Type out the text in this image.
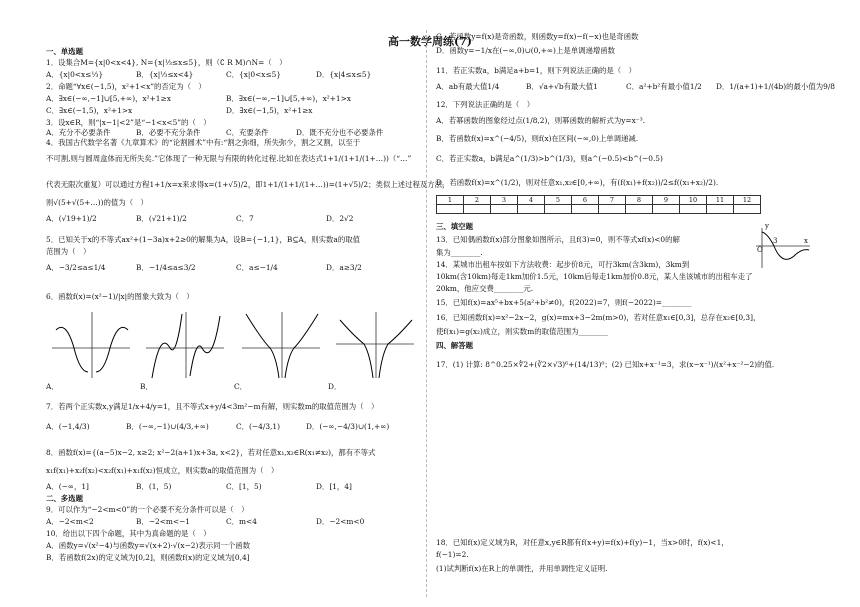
高一数学周练(7)
一、单选题
1．设集合M={x|0<x<4}, N={x|⅓≤x≤5}，则（∁ R M)∩N=（　）
A．{x|0<x≤⅓}	B．{x|⅓≤x<4}	C．{x|0<x≤5}	D．{x|4≤x≤5}
2．命题“∀x∈(−1,5)，x²+1<x”的否定为（　）
A．∃x∈(−∞,−1]∪[5,+∞)，x²+1≥x	B．∃x∈(−∞,−1]∪[5,+∞)，x²+1>x
C．∃x∈(−1,5)，x²+1>x	D．∃x∈(−1,5)，x²+1≥x
3．设x∈R，则“|x−1|<2”是“−1<x<5”的（　）
A．充分不必要条件	B．必要不充分条件	C．充要条件	D．既不充分也不必要条件
4．我国古代数学名著《九章算术》的“论割圆术”中有:“割之弥细，所失弥少，割之又割，以至于
不可割,则与圆周盒体而无所失矣.”它体现了一种无限与有限的转化过程.比如在表达式1+1/(1+1/(1+…))（“…”
代表无限次重复）可以通过方程1+1/x=x来求得x=(1+√5)/2，即1+1/(1+1/(1+…))=(1+√5)/2；类似上述过程及方法，
则√(5+√(5+…))的值为（　）
A．(√19+1)/2	B．(√21+1)/2	C．7	D．2√2
5．已知关于x的不等式ax²+(1−3a)x+2≥0的解集为A，设B={−1,1}，B⊆A，则实数a的取值
范围为（　）
A．−3/2≤a≤1/4	B．−1/4≤a≤3/2	C．a≤−1/4	D．a≥3/2
6．函数f(x)=(x²−1)/|x|的图象大致为（　）
A．	B．	C．	D．
7．若两个正实数x,y满足1/x+4/y=1，且不等式x+y/4<3m²−m有解，则实数m的取值范围为（　）
A．(−1,4/3)	B．(−∞,−1)∪(4/3,+∞)	C．(−4/3,1)	D．(−∞,−4/3)∪(1,+∞)
8．函数f(x)={(a−5)x−2, x≥2; x²−2(a+1)x+3a, x<2}，若对任意x₁,x₂∈R(x₁≠x₂)，都有不等式
x₁f(x₁)+x₂f(x₂)<x₂f(x₁)+x₁f(x₂)恒成立，则实数a的取值范围为（　）
A．(−∞，1]	B．(1，5)	C．[1，5)	D．[1，4]
二、多选题
9．可以作为“−2<m<0”的一个必要不充分条件可以是（　）
A．−2<m<2	B．−2<m<−1	C．m<4	D．−2<m<0
10．给出以下四个命题，其中为真命题的是（　）
A．函数y=√(x²−4)与函数y=√(x+2)·√(x−2)表示同一个函数
B．若函数f(2x)的定义域为[0,2]，则函数f(x)的定义域为[0,4]
C．若函数y=f(x)是奇函数，则函数y=f(x)−f(−x)也是奇函数
D．函数y=−1/x在(−∞,0)∪(0,+∞)上是单调递增函数
11．若正实数a，b满足a+b=1，则下列说法正确的是（　）
A．ab有最大值1/4	B．√a+√b有最大值1	C．a²+b²有最小值1/2 D．1/(a+1)+1/(4b)的最小值为9/8
12．下列说法正确的是（　）
A．若幂函数的图象经过点(1/8,2)，则幂函数的解析式为y=x⁻³.
B．若函数f(x)=x^(−4/5)，则f(x)在区间(−∞,0)上单调递减.
C．若正实数a，b满足a^(1/3)>b^(1/3)，则a^(−0.5)<b^(−0.5)
D．若函数f(x)=x^(1/2)，则对任意x₁,x₂∈[0,+∞)，有(f(x₁)+f(x₂))/2≤f((x₁+x₂)/2).
1	2	3	4	5	6	7	8	9	10	11	12

三、填空题
13．已知偶函数f(x)部分图象如图所示，且f(3)=0，则不等式xf(x)<0的解
集为________.	O
x
y
3
14．某城市出租车按如下方法收费：起步价8元，可行3km(含3km)，3km到
10km(含10km)每走1km加价1.5元，10km后每走1km加价0.8元，某人坐该城市的出租车走了
20km，他应交费________元.
15．已知f(x)=ax⁵+bx+5(a²+b²≠0)，f(2022)=7，则f(−2022)=________
16．已知函数f(x)=x²−2x−2，g(x)=mx+3−2m(m>0)，若对任意x₁∈[0,3]，总存在x₂∈[0,3]，
使f(x₁)=g(x₂)成立，则实数m的取值范围为________
四、解答题
17．(1) 计算: 8^0.25×∜2+(∛2×√3)⁶+(14/13)⁰；(2) 已知x+x⁻¹=3，求(x−x⁻¹)/(x²+x⁻²−2)的值.
18．已知f(x)定义域为R，对任意x,y∈R都有f(x+y)=f(x)+f(y)−1，当x>0时，f(x)<1，
f(−1)=2.
(1)试判断f(x)在R上的单调性，并用单调性定义证明.
